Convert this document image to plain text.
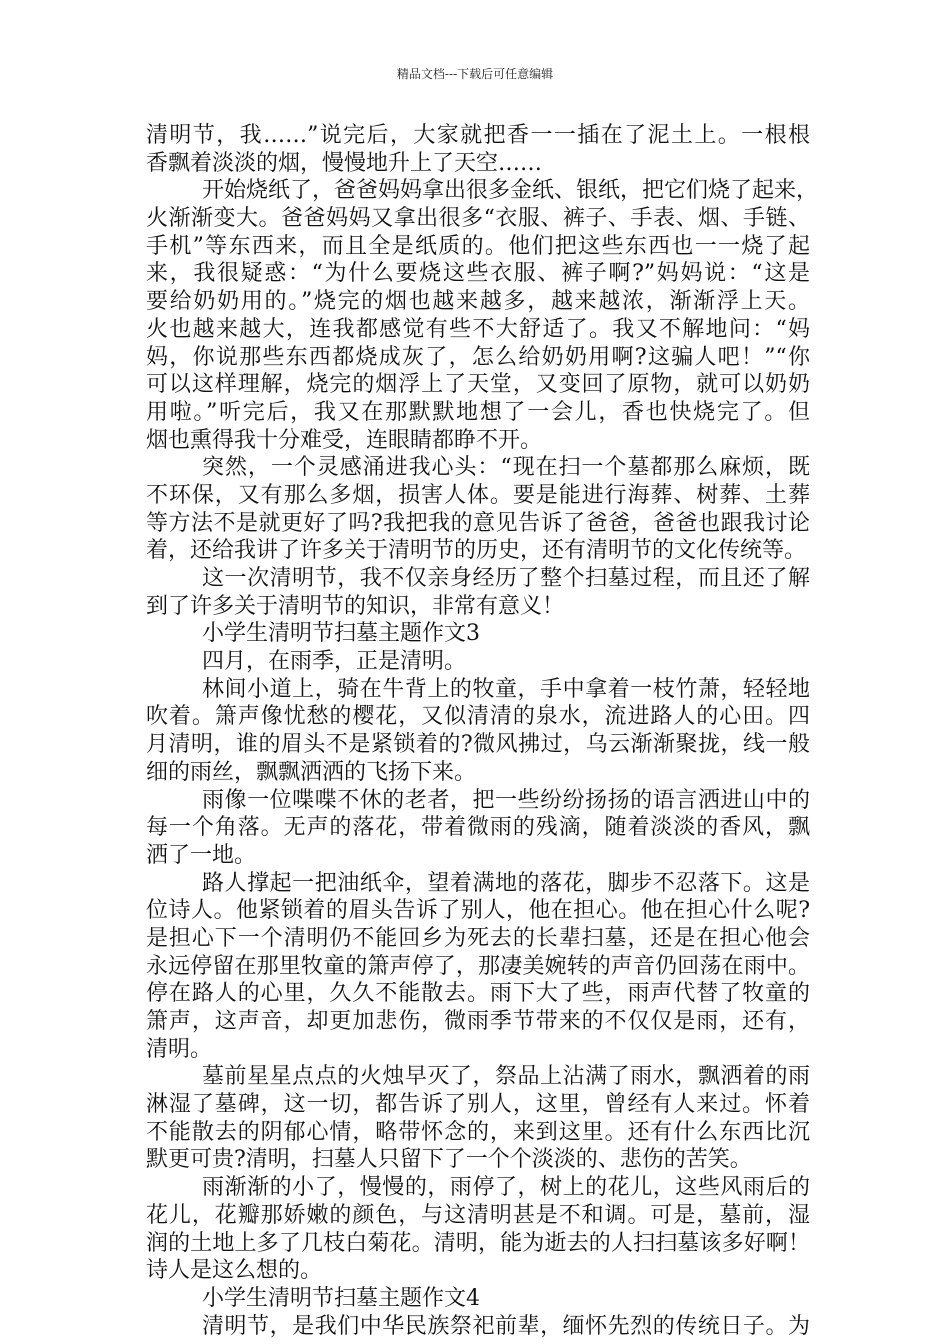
精品文档---下载后可任意编辑
清明节，我……”说完后，大家就把香一一插在了泥土上。一根根
香飘着淡淡的烟，慢慢地升上了天空……
开始烧纸了，爸爸妈妈拿出很多金纸、银纸，把它们烧了起来，
火渐渐变大。爸爸妈妈又拿出很多“衣服、裤子、手表、烟、手链、
手机”等东西来，而且全是纸质的。他们把这些东西也一一烧了起
来，我很疑惑：“为什么要烧这些衣服、裤子啊?”妈妈说：“这是
要给奶奶用的。”烧完的烟也越来越多，越来越浓，渐渐浮上天。
火也越来越大，连我都感觉有些不大舒适了。我又不解地问：“妈
妈，你说那些东西都烧成灰了，怎么给奶奶用啊?这骗人吧！”“你
可以这样理解，烧完的烟浮上了天堂，又变回了原物，就可以奶奶
用啦。”听完后，我又在那默默地想了一会儿，香也快烧完了。但
烟也熏得我十分难受，连眼睛都睁不开。
突然，一个灵感涌进我心头：“现在扫一个墓都那么麻烦，既
不环保，又有那么多烟，损害人体。要是能进行海葬、树葬、土葬
等方法不是就更好了吗?我把我的意见告诉了爸爸，爸爸也跟我讨论
着，还给我讲了许多关于清明节的历史，还有清明节的文化传统等。
这一次清明节，我不仅亲身经历了整个扫墓过程，而且还了解
到了许多关于清明节的知识，非常有意义！
小学生清明节扫墓主题作文3
四月，在雨季，正是清明。
林间小道上，骑在牛背上的牧童，手中拿着一枝竹萧，轻轻地
吹着。箫声像忧愁的樱花，又似清清的泉水，流进路人的心田。四
月清明，谁的眉头不是紧锁着的?微风拂过，乌云渐渐聚拢，线一般
细的雨丝，飘飘洒洒的飞扬下来。
雨像一位喋喋不休的老者，把一些纷纷扬扬的语言洒进山中的
每一个角落。无声的落花，带着微雨的残滴，随着淡淡的香风，飘
洒了一地。
路人撑起一把油纸伞，望着满地的落花，脚步不忍落下。这是
位诗人。他紧锁着的眉头告诉了别人，他在担心。他在担心什么呢?
是担心下一个清明仍不能回乡为死去的长辈扫墓，还是在担心他会
永远停留在那里牧童的箫声停了，那凄美婉转的声音仍回荡在雨中。
停在路人的心里，久久不能散去。雨下大了些，雨声代替了牧童的
箫声，这声音，却更加悲伤，微雨季节带来的不仅仅是雨，还有，
清明。
墓前星星点点的火烛早灭了，祭品上沾满了雨水，飘洒着的雨
淋湿了墓碑，这一切，都告诉了别人，这里，曾经有人来过。怀着
不能散去的阴郁心情，略带怀念的，来到这里。还有什么东西比沉
默更可贵?清明，扫墓人只留下了一个个淡淡的、悲伤的苦笑。
雨渐渐的小了，慢慢的，雨停了，树上的花儿，这些风雨后的
花儿，花瓣那娇嫩的颜色，与这清明甚是不和调。可是，墓前，湿
润的土地上多了几枝白菊花。清明，能为逝去的人扫扫墓该多好啊！
诗人是这么想的。
小学生清明节扫墓主题作文4
清明节，是我们中华民族祭祀前辈，缅怀先烈的传统日子。为
